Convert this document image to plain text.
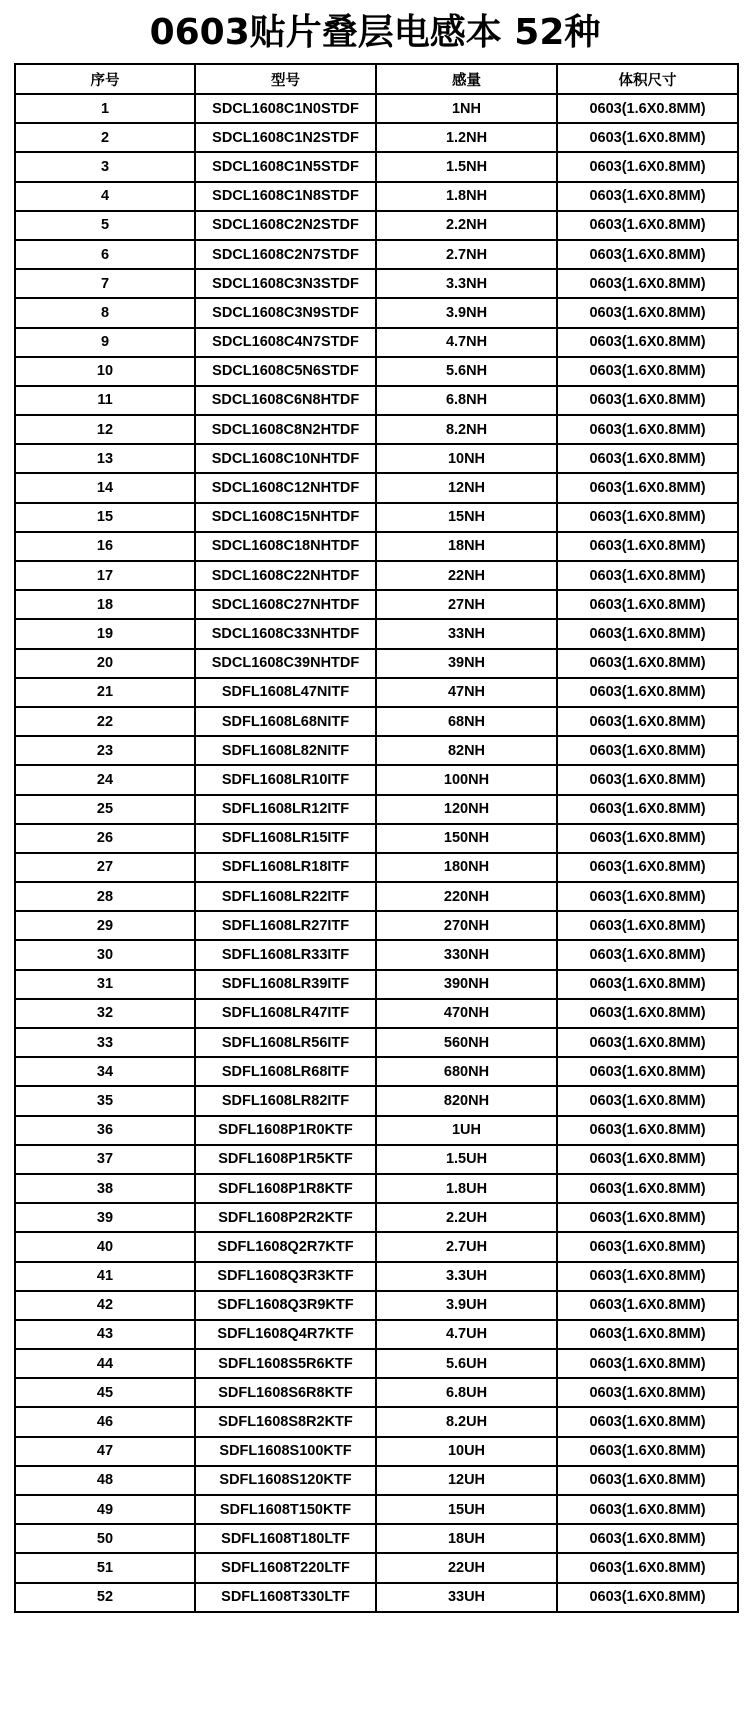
0603贴片叠层电感本 52种
序号	型号	感量	体积尺寸
1	SDCL1608C1N0STDF	1NH	0603(1.6X0.8MM)
2	SDCL1608C1N2STDF	1.2NH	0603(1.6X0.8MM)
3	SDCL1608C1N5STDF	1.5NH	0603(1.6X0.8MM)
4	SDCL1608C1N8STDF	1.8NH	0603(1.6X0.8MM)
5	SDCL1608C2N2STDF	2.2NH	0603(1.6X0.8MM)
6	SDCL1608C2N7STDF	2.7NH	0603(1.6X0.8MM)
7	SDCL1608C3N3STDF	3.3NH	0603(1.6X0.8MM)
8	SDCL1608C3N9STDF	3.9NH	0603(1.6X0.8MM)
9	SDCL1608C4N7STDF	4.7NH	0603(1.6X0.8MM)
10	SDCL1608C5N6STDF	5.6NH	0603(1.6X0.8MM)
11	SDCL1608C6N8HTDF	6.8NH	0603(1.6X0.8MM)
12	SDCL1608C8N2HTDF	8.2NH	0603(1.6X0.8MM)
13	SDCL1608C10NHTDF	10NH	0603(1.6X0.8MM)
14	SDCL1608C12NHTDF	12NH	0603(1.6X0.8MM)
15	SDCL1608C15NHTDF	15NH	0603(1.6X0.8MM)
16	SDCL1608C18NHTDF	18NH	0603(1.6X0.8MM)
17	SDCL1608C22NHTDF	22NH	0603(1.6X0.8MM)
18	SDCL1608C27NHTDF	27NH	0603(1.6X0.8MM)
19	SDCL1608C33NHTDF	33NH	0603(1.6X0.8MM)
20	SDCL1608C39NHTDF	39NH	0603(1.6X0.8MM)
21	SDFL1608L47NITF	47NH	0603(1.6X0.8MM)
22	SDFL1608L68NITF	68NH	0603(1.6X0.8MM)
23	SDFL1608L82NITF	82NH	0603(1.6X0.8MM)
24	SDFL1608LR10ITF	100NH	0603(1.6X0.8MM)
25	SDFL1608LR12ITF	120NH	0603(1.6X0.8MM)
26	SDFL1608LR15ITF	150NH	0603(1.6X0.8MM)
27	SDFL1608LR18ITF	180NH	0603(1.6X0.8MM)
28	SDFL1608LR22ITF	220NH	0603(1.6X0.8MM)
29	SDFL1608LR27ITF	270NH	0603(1.6X0.8MM)
30	SDFL1608LR33ITF	330NH	0603(1.6X0.8MM)
31	SDFL1608LR39ITF	390NH	0603(1.6X0.8MM)
32	SDFL1608LR47ITF	470NH	0603(1.6X0.8MM)
33	SDFL1608LR56ITF	560NH	0603(1.6X0.8MM)
34	SDFL1608LR68ITF	680NH	0603(1.6X0.8MM)
35	SDFL1608LR82ITF	820NH	0603(1.6X0.8MM)
36	SDFL1608P1R0KTF	1UH	0603(1.6X0.8MM)
37	SDFL1608P1R5KTF	1.5UH	0603(1.6X0.8MM)
38	SDFL1608P1R8KTF	1.8UH	0603(1.6X0.8MM)
39	SDFL1608P2R2KTF	2.2UH	0603(1.6X0.8MM)
40	SDFL1608Q2R7KTF	2.7UH	0603(1.6X0.8MM)
41	SDFL1608Q3R3KTF	3.3UH	0603(1.6X0.8MM)
42	SDFL1608Q3R9KTF	3.9UH	0603(1.6X0.8MM)
43	SDFL1608Q4R7KTF	4.7UH	0603(1.6X0.8MM)
44	SDFL1608S5R6KTF	5.6UH	0603(1.6X0.8MM)
45	SDFL1608S6R8KTF	6.8UH	0603(1.6X0.8MM)
46	SDFL1608S8R2KTF	8.2UH	0603(1.6X0.8MM)
47	SDFL1608S100KTF	10UH	0603(1.6X0.8MM)
48	SDFL1608S120KTF	12UH	0603(1.6X0.8MM)
49	SDFL1608T150KTF	15UH	0603(1.6X0.8MM)
50	SDFL1608T180LTF	18UH	0603(1.6X0.8MM)
51	SDFL1608T220LTF	22UH	0603(1.6X0.8MM)
52	SDFL1608T330LTF	33UH	0603(1.6X0.8MM)
